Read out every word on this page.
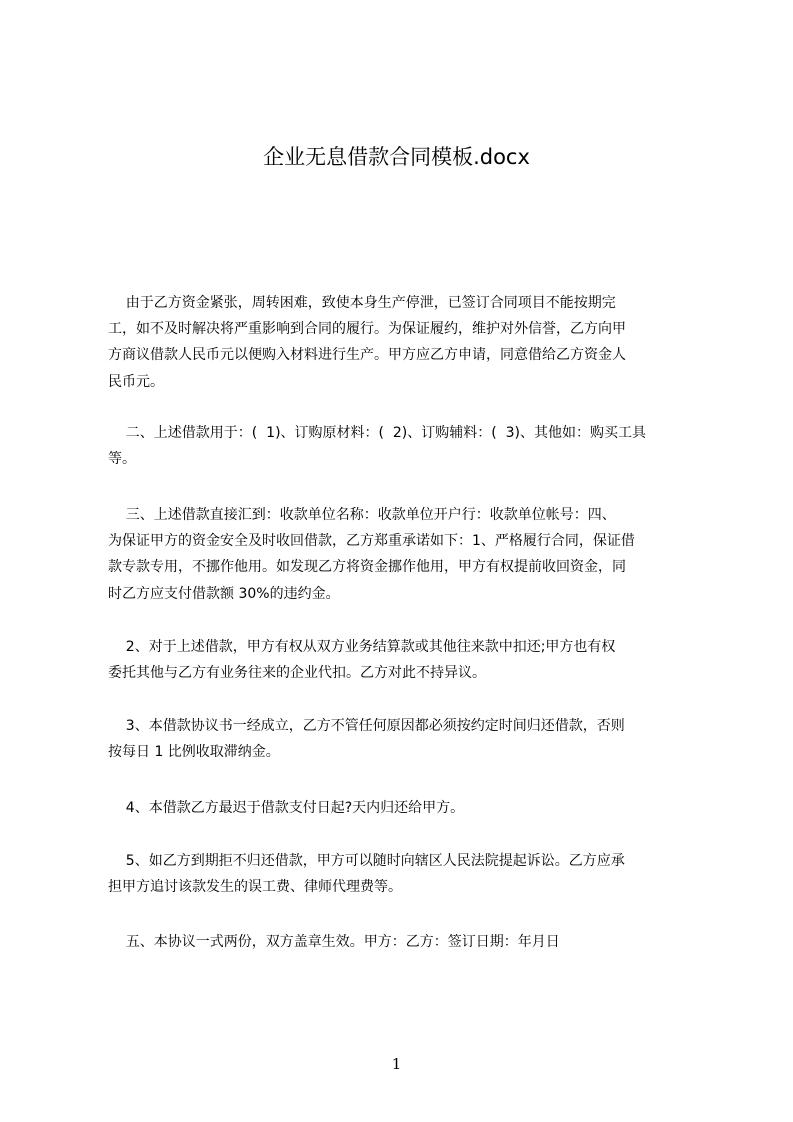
企业无息借款合同模板.docx
由于乙方资金紧张，周转困难，致使本身生产停泄，已签订合同项目不能按期完
工，如不及时解决将严重影响到合同的履行。为保证履约，维护对外信誉，乙方向甲
方商议借款人民币元以便购入材料进行生产。甲方应乙方申请，同意借给乙方资金人
民币元。
二、上述借款用于：(  1)、订购原材料：(  2)、订购辅料：(  3)、其他如：购买工具
等。
三、上述借款直接汇到：收款单位名称：收款单位开户行：收款单位帐号：四、
为保证甲方的资金安全及时收回借款，乙方郑重承诺如下：1、严格履行合同，保证借
款专款专用，不挪作他用。如发现乙方将资金挪作他用，甲方有权提前收回资金，同
时乙方应支付借款额 30%的违约金。
2、对于上述借款，甲方有权从双方业务结算款或其他往来款中扣还;甲方也有权
委托其他与乙方有业务往来的企业代扣。乙方对此不持异议。
3、本借款协议书一经成立，乙方不管任何原因都必须按约定时间归还借款，否则
按每日 1 比例收取滞纳金。
4、本借款乙方最迟于借款支付日起?天内归还给甲方。
5、如乙方到期拒不归还借款，甲方可以随时向辖区人民法院提起诉讼。乙方应承
担甲方追讨该款发生的误工费、律师代理费等。
五、本协议一式两份，双方盖章生效。甲方：乙方：签订日期：年月日
1
